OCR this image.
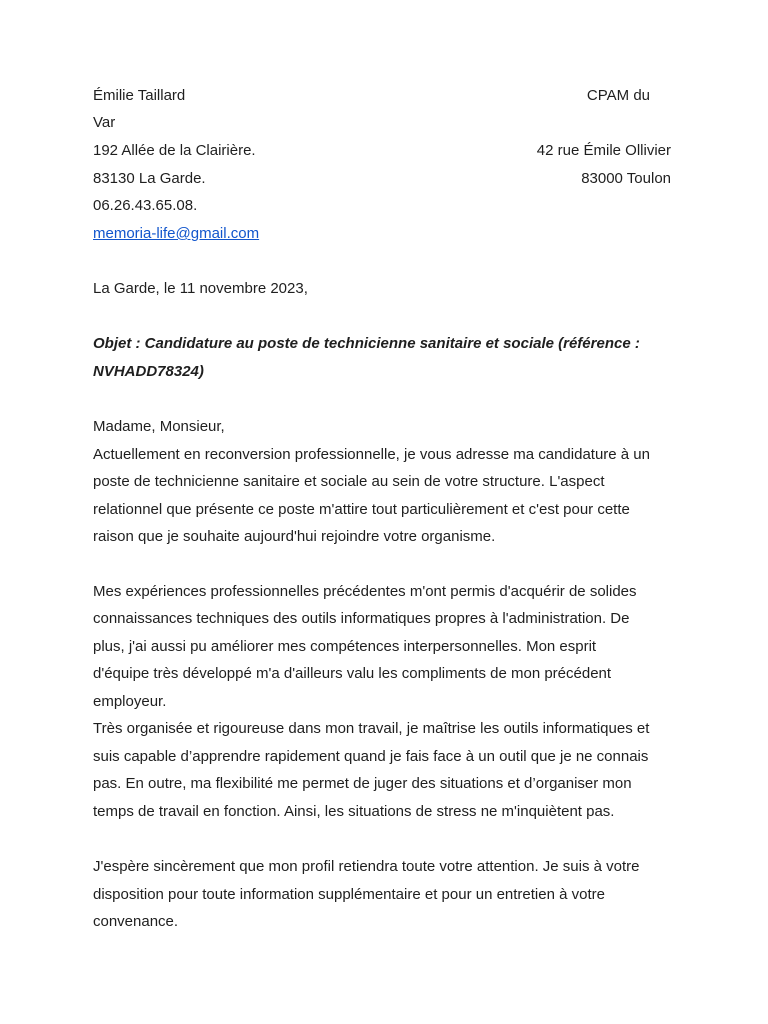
Émilie Taillard	CPAM du
Var
192 Allée de la Clairière.	42 rue Émile Ollivier
83130 La Garde.	83000 Toulon
06.26.43.65.08.
memoria-life@gmail.com
La Garde, le 11 novembre 2023,
Objet : Candidature au poste de technicienne sanitaire et sociale (référence :
NVHADD78324)
Madame, Monsieur,
Actuellement en reconversion professionnelle, je vous adresse ma candidature à un
poste de technicienne sanitaire et sociale au sein de votre structure. L'aspect
relationnel que présente ce poste m'attire tout particulièrement et c'est pour cette
raison que je souhaite aujourd'hui rejoindre votre organisme.
Mes expériences professionnelles précédentes m'ont permis d'acquérir de solides
connaissances techniques des outils informatiques propres à l'administration. De
plus, j'ai aussi pu améliorer mes compétences interpersonnelles. Mon esprit
d'équipe très développé m'a d'ailleurs valu les compliments de mon précédent
employeur.
Très organisée et rigoureuse dans mon travail, je maîtrise les outils informatiques et
suis capable d’apprendre rapidement quand je fais face à un outil que je ne connais
pas. En outre, ma flexibilité me permet de juger des situations et d’organiser mon
temps de travail en fonction. Ainsi, les situations de stress ne m'inquiètent pas.
J'espère sincèrement que mon profil retiendra toute votre attention. Je suis à votre
disposition pour toute information supplémentaire et pour un entretien à votre
convenance.
